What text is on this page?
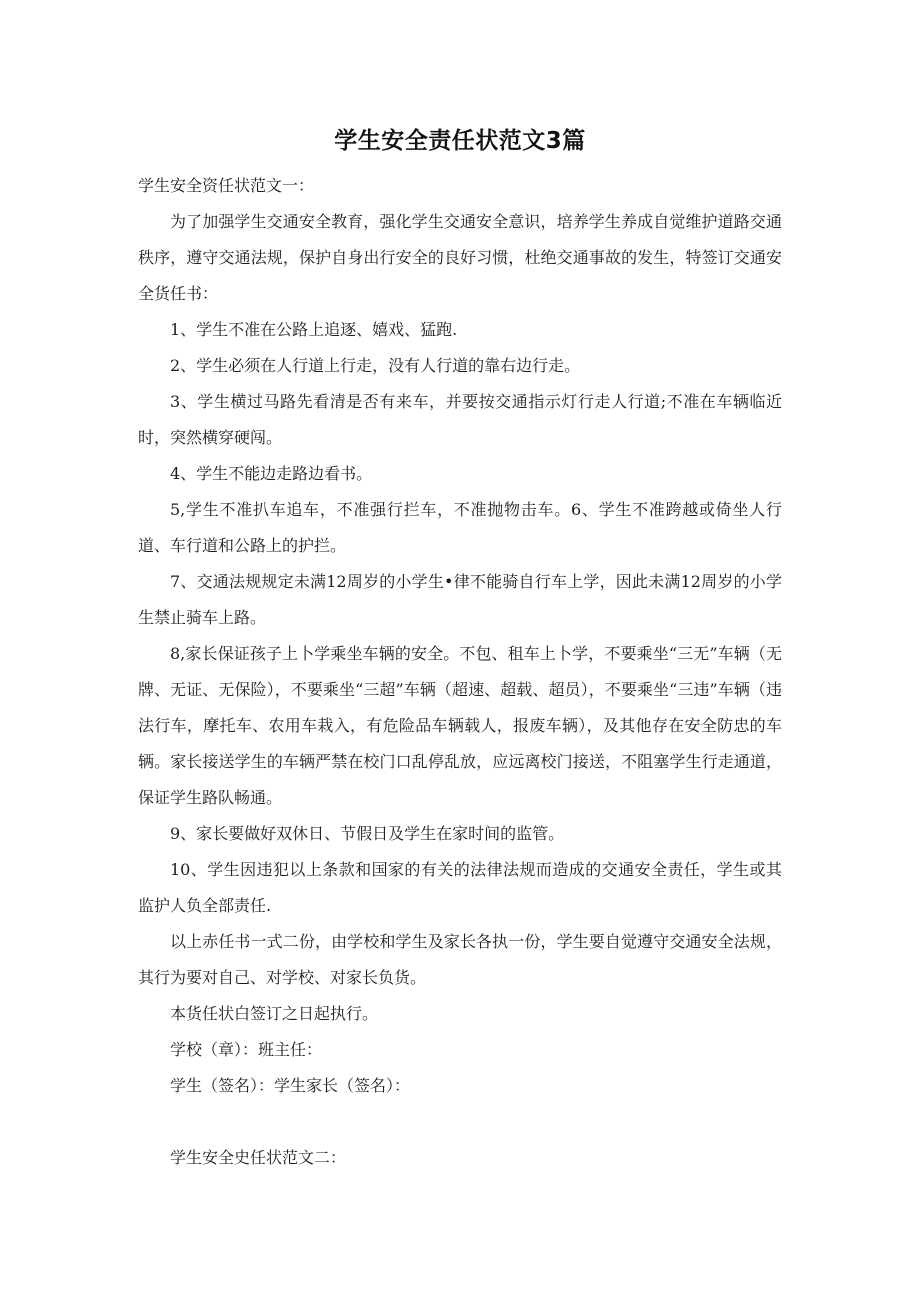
学生安全责任状范文3篇

学生安全资任状范文一：

为了加强学生交通安全教育，强化学生交通安全意识，培养学生养成自觉维护道路交通秩序，遵守交通法规，保护自身出行安全的良好习惯，杜绝交通事故的发生，特签订交通安全货任书：

1、学生不准在公路上追逐、嬉戏、猛跑.

2、学生必须在人行道上行走，没有人行道的靠右边行走。

3、学生横过马路先看清是否有来车，并要按交通指示灯行走人行道;不准在车辆临近时，突然横穿硬闯。

4、学生不能边走路边看书。

5,学生不准扒车追车，不准强行拦车，不准抛物击车。6、学生不准跨越或倚坐人行道、车行道和公路上的护拦。

7、交通法规规定未满12周岁的小学生•律不能骑自行车上学，因此未满12周岁的小学生禁止骑车上路。

8,家长保证孩子上卜学乘坐车辆的安全。不包、租车上卜学，不要乘坐“三无”车辆（无牌、无证、无保险），不要乘坐“三超”车辆（超速、超载、超员），不要乘坐“三违”车辆（违法行车，摩托车、农用车栽入，有危险品车辆载人，报废车辆），及其他存在安全防忠的车辆。家长接送学生的车辆严禁在校门口乱停乱放，应远离校门接送，不阻塞学生行走通道，保证学生路队畅通。

9、家长要做好双休日、节假日及学生在家时间的监管。

10、学生因违犯以上条款和国家的有关的法律法规而造成的交通安全责任，学生或其监护人负全部责任.

以上赤任书一式二份，由学校和学生及家长各执一份，学生要自觉遵守交通安全法规，其行为要对自己、对学校、对家长负货。

本货任状白签订之日起执行。

学校（章）：班主任：

学生（签名）：学生家长（签名）：

学生安全史任状范文二：
